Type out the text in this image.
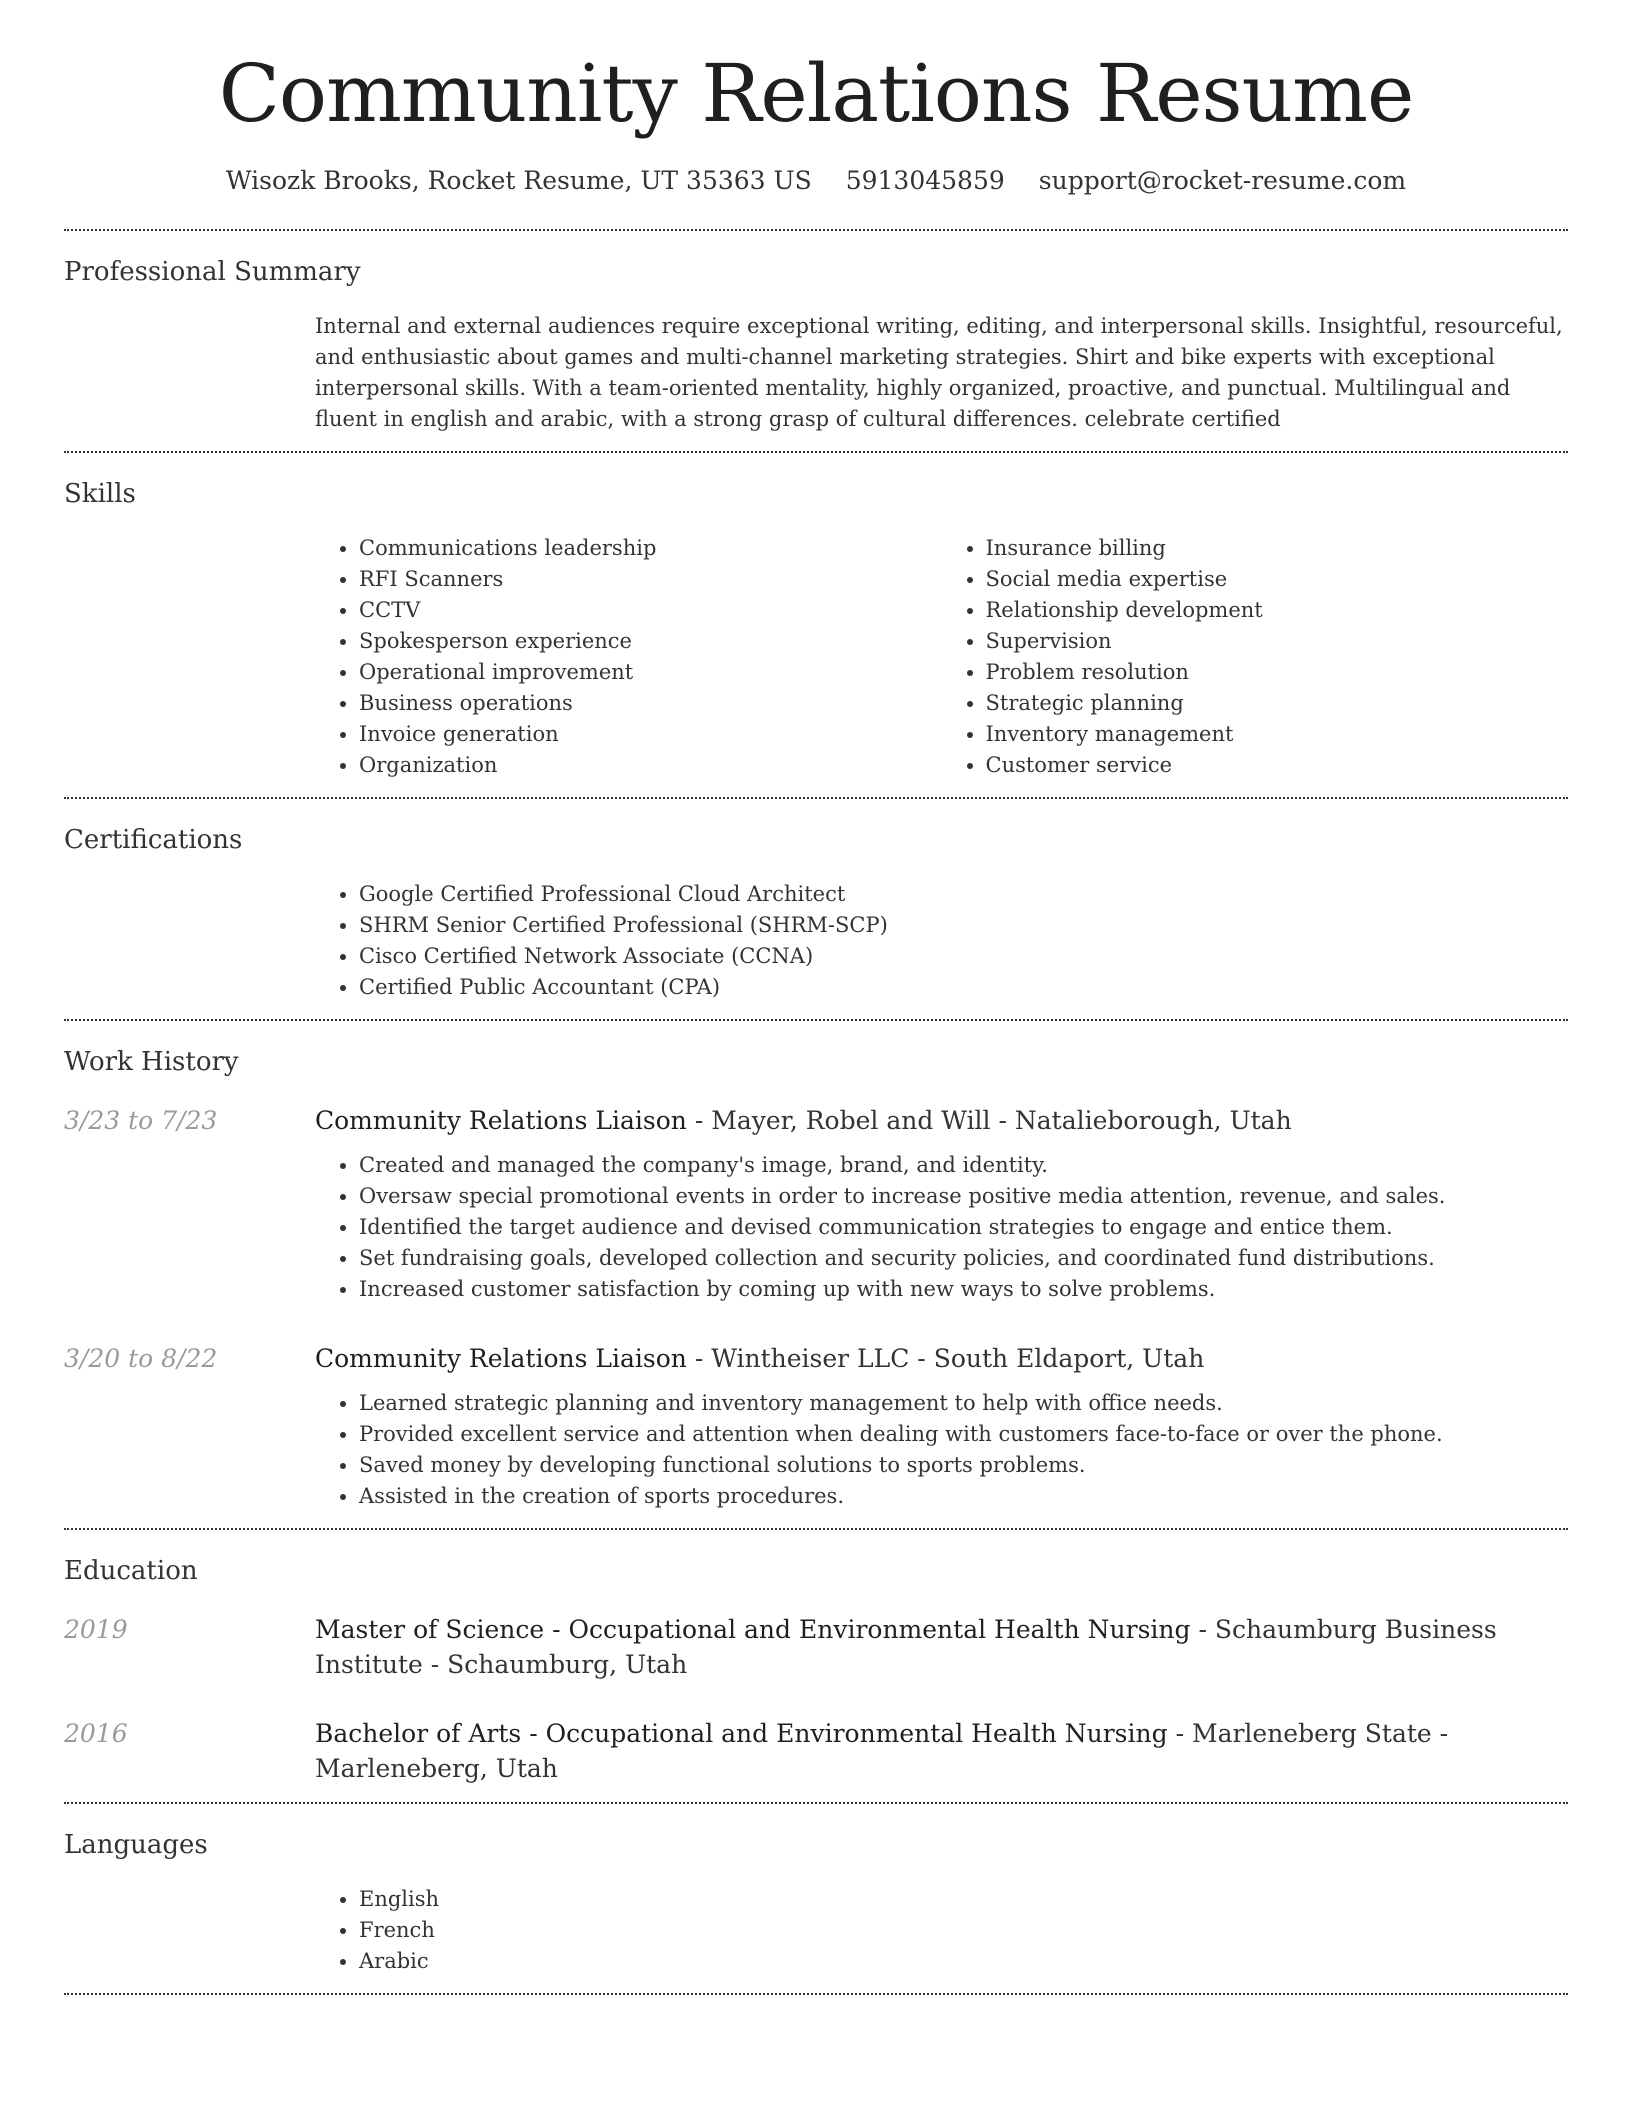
Community Relations Resume
Wisozk Brooks, Rocket Resume, UT 35363 US 5913045859 support@rocket-resume.com
Professional Summary

Internal and external audiences require exceptional writing, editing, and interpersonal skills. Insightful, resourceful, and enthusiastic about games and multi-channel marketing strategies. Shirt and bike experts with exceptional interpersonal skills. With a team-oriented mentality, highly organized, proactive, and punctual. Multilingual and fluent in english and arabic, with a strong grasp of cultural differences. celebrate certified

Skills
• Communications leadership
• RFI Scanners
• CCTV
• Spokesperson experience
• Operational improvement
• Business operations
• Invoice generation
• Organization
• Insurance billing
• Social media expertise
• Relationship development
• Supervision
• Problem resolution
• Strategic planning
• Inventory management
• Customer service
Certifications
• Google Certified Professional Cloud Architect
• SHRM Senior Certified Professional (SHRM-SCP)
• Cisco Certified Network Associate (CCNA)
• Certified Public Accountant (CPA)
Work History
3/23 to 7/23	Community Relations Liaison - Mayer, Robel and Will - Natalieborough, Utah
• Created and managed the company's image, brand, and identity.
• Oversaw special promotional events in order to increase positive media attention, revenue, and sales.
• Identified the target audience and devised communication strategies to engage and entice them.
• Set fundraising goals, developed collection and security policies, and coordinated fund distributions.
• Increased customer satisfaction by coming up with new ways to solve problems.
3/20 to 8/22	Community Relations Liaison - Wintheiser LLC - South Eldaport, Utah
• Learned strategic planning and inventory management to help with office needs.
• Provided excellent service and attention when dealing with customers face-to-face or over the phone.
• Saved money by developing functional solutions to sports problems.
• Assisted in the creation of sports procedures.
Education
2019	Master of Science - Occupational and Environmental Health Nursing - Schaumburg Business Institute - Schaumburg, Utah
2016	Bachelor of Arts - Occupational and Environmental Health Nursing - Marleneberg State - Marleneberg, Utah
Languages
• English
• French
• Arabic
